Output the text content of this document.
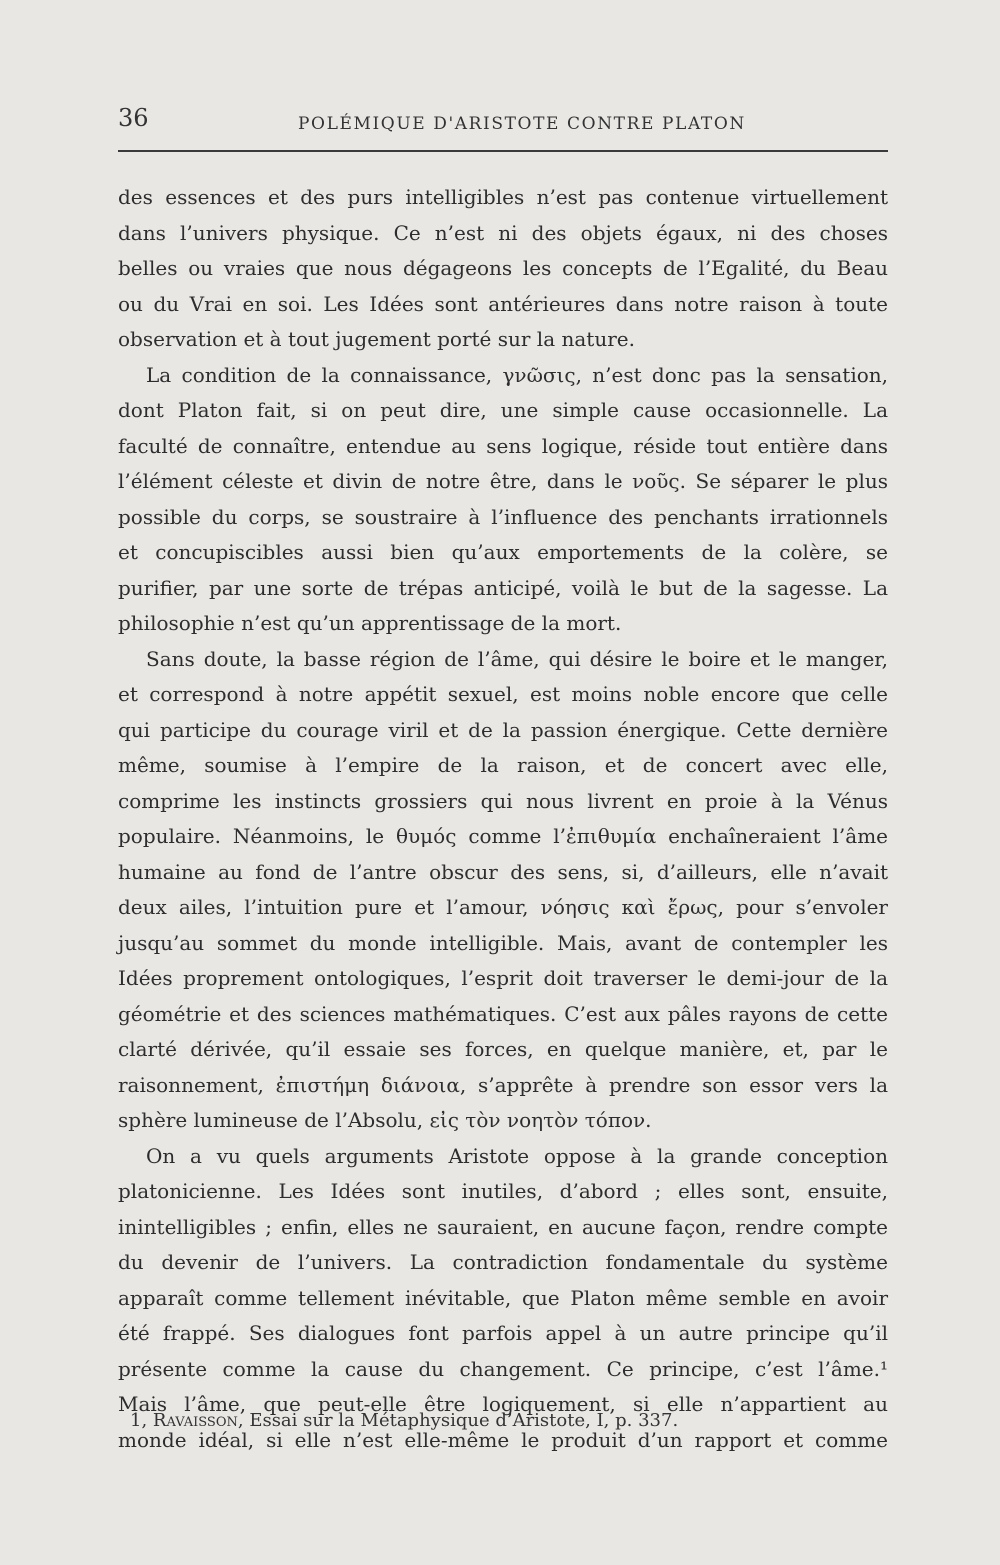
36	POLÉMIQUE D'ARISTOTE CONTRE PLATON
des essences et des purs intelligibles n’est pas contenue virtuellement
dans l’univers physique. Ce n’est ni des objets égaux, ni des choses
belles ou vraies que nous dégageons les concepts de l’Egalité, du Beau
ou du Vrai en soi. Les Idées sont antérieures dans notre raison à toute
observation et à tout jugement porté sur la nature.
La condition de la connaissance, γνῶσις, n’est donc pas la sensation,
dont Platon fait, si on peut dire, une simple cause occasionnelle. La
faculté de connaître, entendue au sens logique, réside tout entière dans
l’élément céleste et divin de notre être, dans le νοῦς. Se séparer le plus
possible du corps, se soustraire à l’influence des penchants irrationnels
et concupiscibles aussi bien qu’aux emportements de la colère, se
purifier, par une sorte de trépas anticipé, voilà le but de la sagesse. La
philosophie n’est qu’un apprentissage de la mort.
Sans doute, la basse région de l’âme, qui désire le boire et le manger,
et correspond à notre appétit sexuel, est moins noble encore que celle
qui participe du courage viril et de la passion énergique. Cette dernière
même, soumise à l’empire de la raison, et de concert avec elle,
comprime les instincts grossiers qui nous livrent en proie à la Vénus
populaire. Néanmoins, le θυμός comme l’ἐπιθυμία enchaîneraient l’âme
humaine au fond de l’antre obscur des sens, si, d’ailleurs, elle n’avait
deux ailes, l’intuition pure et l’amour, νόησις καὶ ἔρως, pour s’envoler
jusqu’au sommet du monde intelligible. Mais, avant de contempler les
Idées proprement ontologiques, l’esprit doit traverser le demi-jour de la
géométrie et des sciences mathématiques. C’est aux pâles rayons de cette
clarté dérivée, qu’il essaie ses forces, en quelque manière, et, par le
raisonnement, ἐπιστήμη διάνοια, s’apprête à prendre son essor vers la
sphère lumineuse de l’Absolu, εἰς τὸν νοητὸν τόπον.
On a vu quels arguments Aristote oppose à la grande conception
platonicienne. Les Idées sont inutiles, d’abord ; elles sont, ensuite,
inintelligibles ; enfin, elles ne sauraient, en aucune façon, rendre compte
du devenir de l’univers. La contradiction fondamentale du système
apparaît comme tellement inévitable, que Platon même semble en avoir
été frappé. Ses dialogues font parfois appel à un autre principe qu’il
présente comme la cause du changement. Ce principe, c’est l’âme.¹
Mais l’âme, que peut-elle être logiquement, si elle n’appartient au
monde idéal, si elle n’est elle-même le produit d’un rapport et comme
1, Ravaisson, Essai sur la Métaphysique d’Aristote, I, p. 337.
